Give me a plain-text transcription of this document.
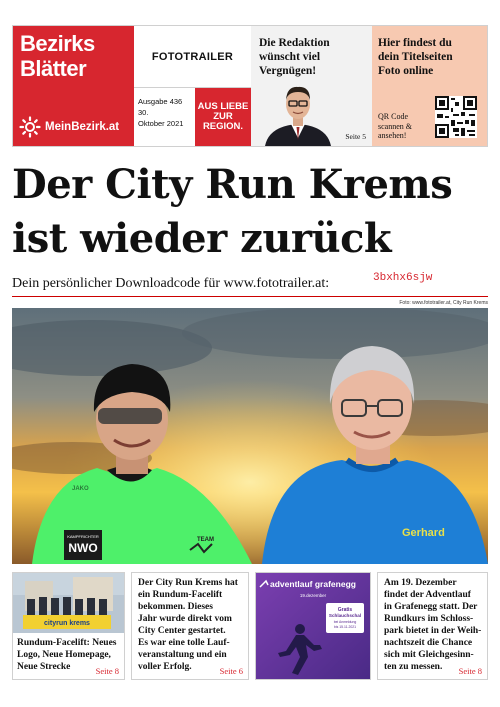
Bezirks
Blätter
MeinBezirk.at
FOTOTRAILER
Ausgabe 436
30.
Oktober 2021
AUS LIEBE
ZUR
REGION.
Die Redaktion
wünscht viel
Vergnügen!
Seite 5
Hier findest du
dein Titelseiten
Foto online
QR Code
scannen &
ansehen!
Der City Run Krems
ist wieder zurück
Dein persönlicher Downloadcode für www.fototrailer.at:	3bxhx6sjw
Foto: www.fototrailer.at, City Run Krems
KAMPFRICHTER
NWO
JAKO
TEAM
Gerhard
cityrun krems
Rundum-Facelift: Neues
Logo, Neue Homepage,
Neue Strecke	Seite 8
Der City Run Krems hat
ein Rundum-Facelift
bekommen. Dieses
Jahr wurde direkt vom
City Center gestartet.
Es war eine tolle Lauf-
veranstaltung und ein
voller Erfolg.	Seite 6
adventlauf grafenegg
19.dezember
Gratis
Schlauchschal
bei Anmeldung
bis 15.11.2021
Am 19. Dezember
findet der Adventlauf
in Grafenegg statt. Der
Rundkurs im Schloss-
park bietet in der Weih-
nachtszeit die Chance
sich mit Gleichgesinn-
ten zu messen.	Seite 8
